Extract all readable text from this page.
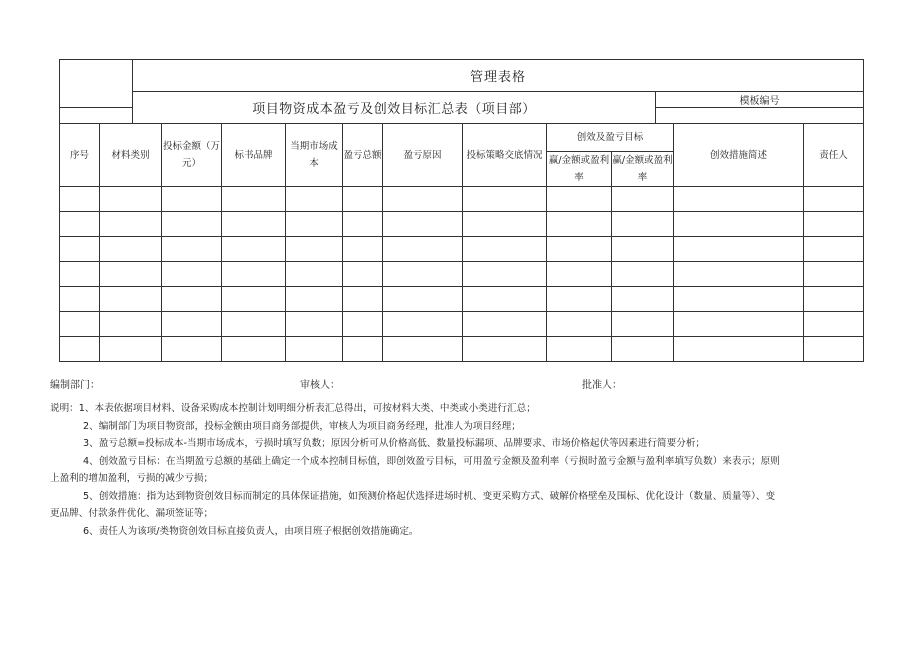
	管理表格	
	项目物资成本盈亏及创效目标汇总表（项目部）	模板编号

序号	材料类别	投标金额（万元）	标书品牌	当期市场成本	盈亏总额	盈亏原因	投标策略交底情况	创效及盈亏目标		创效措施简述	责任人
								赢/金额或盈利率	赢/金额或盈利率		

编制部门：	审核人：	批准人：

说明：1、本表依据项目材料、设备采购成本控制计划明细分析表汇总得出，可按材料大类、中类或小类进行汇总；

2、编制部门为项目物资部，投标金额由项目商务部提供，审核人为项目商务经理，批准人为项目经理；

3、盈亏总额=投标成本-当期市场成本，亏损时填写负数；原因分析可从价格高低、数量投标漏项、品牌要求、市场价格起伏等因素进行简要分析；

4、创效盈亏目标：在当期盈亏总额的基础上确定一个成本控制目标值，即创效盈亏目标，可用盈亏金额及盈利率（亏损时盈亏金额与盈利率填写负数）来表示；原则

上盈利的增加盈利，亏损的减少亏损；

5、创效措施：指为达到物资创效目标而制定的具体保证措施，如预测价格起伏选择进场时机、变更采购方式、破解价格壁垒及围标、优化设计（数量、质量等）、变

更品牌、付款条件优化、漏项签证等；

6、责任人为该项/类物资创效目标直接负责人，由项目班子根据创效措施确定。
